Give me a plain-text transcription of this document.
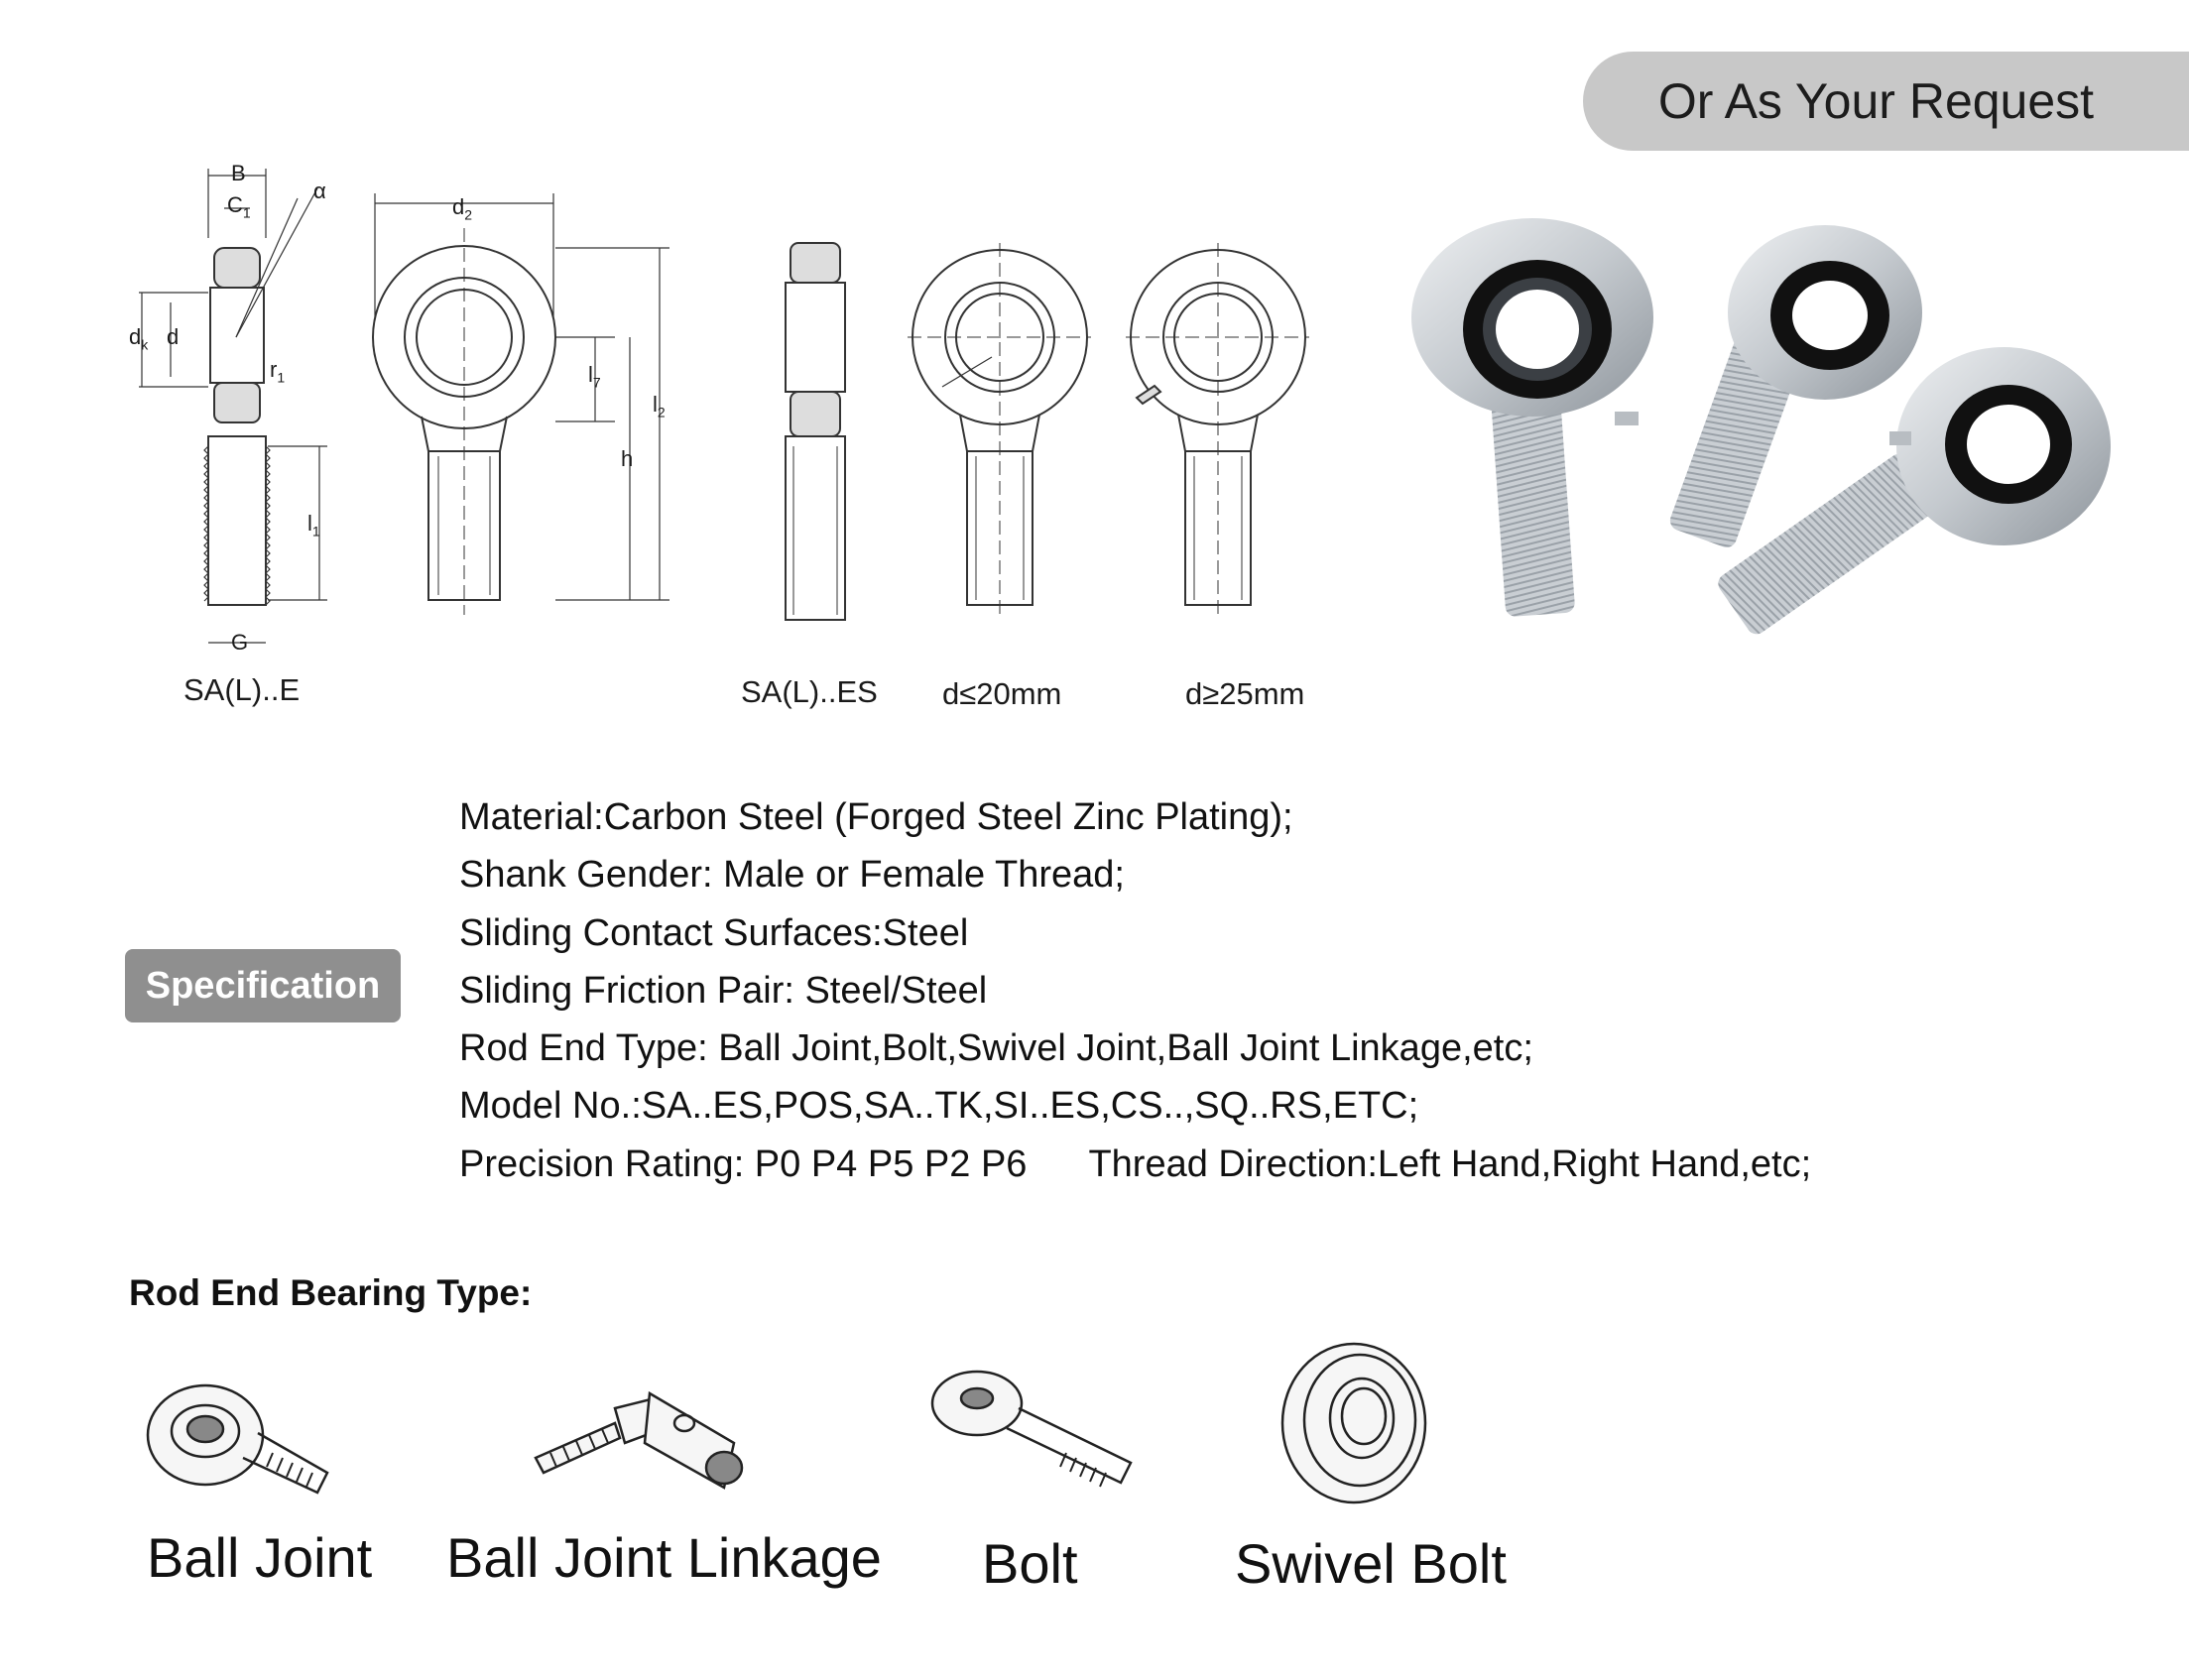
Or As Your Request
B
$C_1$
α
$d_k$ d
$r_1$
$l_1$
G
$d_2$
$l_7$
h
$l_2$
SA(L)..E	SA(L)..ES d≤20mm	d≥25mm
Specification
Material:Carbon Steel (Forged Steel Zinc Plating);
Shank Gender: Male or Female Thread;
Sliding Contact Surfaces:Steel
Sliding Friction Pair: Steel/Steel
Rod End Type: Ball Joint,Bolt,Swivel Joint,Ball Joint Linkage,etc;
Model No.:SA..ES,POS,SA..TK,SI..ES,CS..,SQ..RS,ETC;
Precision Rating: P0 P4 P5 P2 P6 Thread Direction:Left Hand,Right Hand,etc;
Rod End Bearing Type:
Ball Joint Ball Joint Linkage Bolt	Swivel Bolt
